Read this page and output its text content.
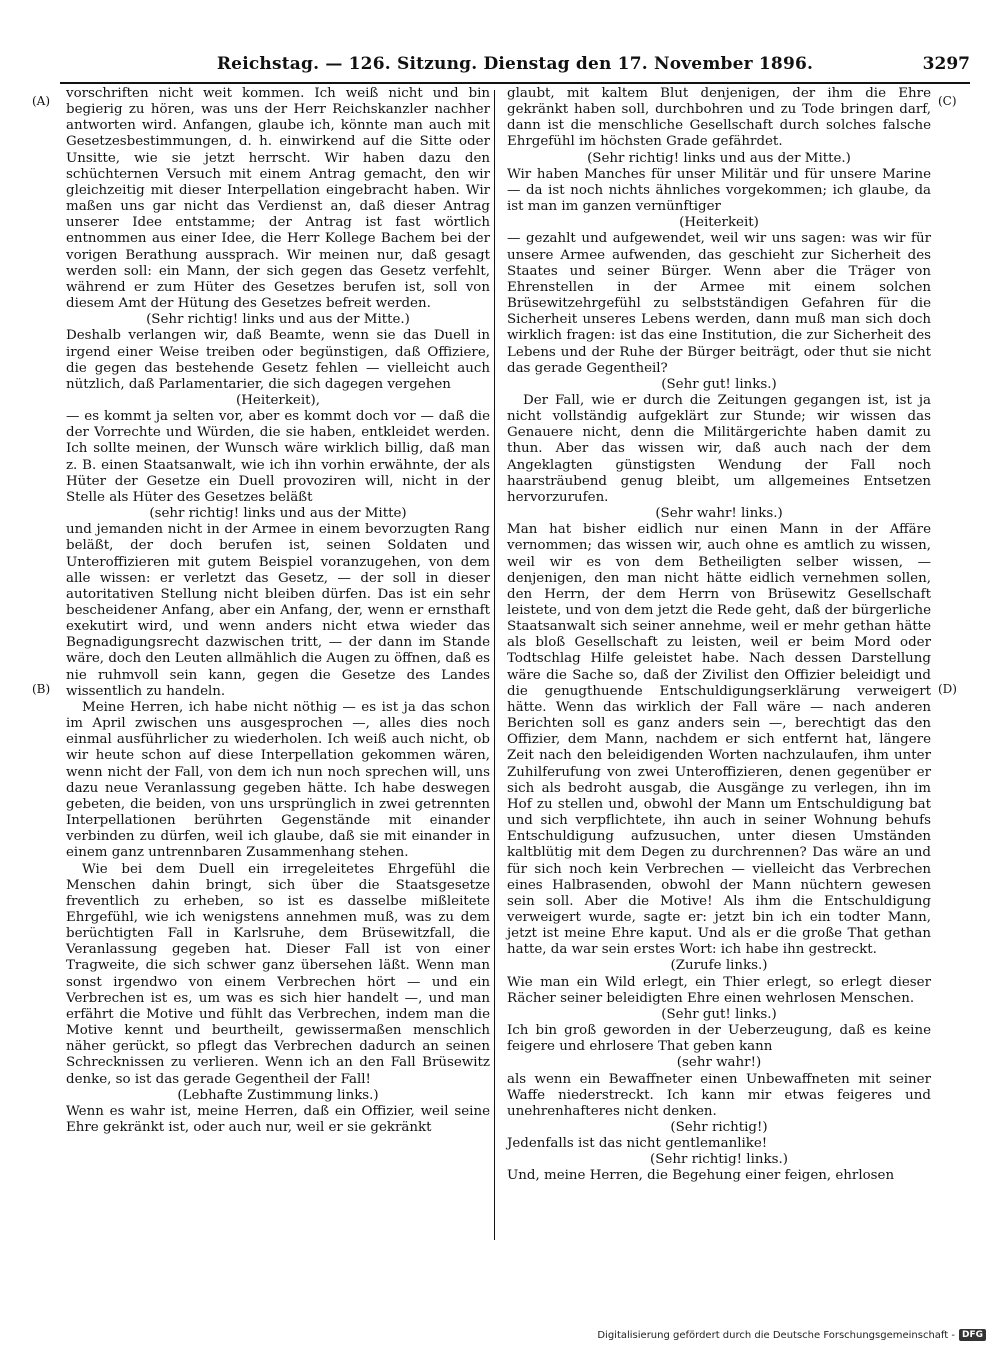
Reichstag. — 126. Sitzung. Dienstag den 17. November 1896.	3297
(A)
(B)
(C)
(D)

vorschriften nicht weit kommen. Ich weiß nicht und bin begierig zu hören, was uns der Herr Reichskanzler nachher antworten wird. Anfangen, glaube ich, könnte man auch mit Gesetzesbestimmungen, d. h. einwirkend auf die Sitte oder Unsitte, wie sie jetzt herrscht. Wir haben dazu den schüchternen Versuch mit einem Antrag gemacht, den wir gleichzeitig mit dieser Interpellation eingebracht haben. Wir maßen uns gar nicht das Verdienst an, daß dieser Antrag unserer Idee entstamme; der Antrag ist fast wörtlich entnommen aus einer Idee, die Herr Kollege Bachem bei der vorigen Berathung aussprach. Wir meinen nur, daß gesagt werden soll: ein Mann, der sich gegen das Gesetz verfehlt, während er zum Hüter des Gesetzes berufen ist, soll von diesem Amt der Hütung des Gesetzes befreit werden.

(Sehr richtig! links und aus der Mitte.)

Deshalb verlangen wir, daß Beamte, wenn sie das Duell in irgend einer Weise treiben oder begünstigen, daß Offiziere, die gegen das bestehende Gesetz fehlen — vielleicht auch nützlich, daß Parlamentarier, die sich dagegen vergehen

(Heiterkeit),

— es kommt ja selten vor, aber es kommt doch vor — daß die der Vorrechte und Würden, die sie haben, entkleidet werden. Ich sollte meinen, der Wunsch wäre wirklich billig, daß man z. B. einen Staatsanwalt, wie ich ihn vorhin erwähnte, der als Hüter der Gesetze ein Duell provoziren will, nicht in der Stelle als Hüter des Gesetzes beläßt

(sehr richtig! links und aus der Mitte)

und jemanden nicht in der Armee in einem bevorzugten Rang beläßt, der doch berufen ist, seinen Soldaten und Unteroffizieren mit gutem Beispiel voranzugehen, von dem alle wissen: er verletzt das Gesetz, — der soll in dieser autoritativen Stellung nicht bleiben dürfen. Das ist ein sehr bescheidener Anfang, aber ein Anfang, der, wenn er ernsthaft exekutirt wird, und wenn anders nicht etwa wieder das Begnadigungsrecht dazwischen tritt, — der dann im Stande wäre, doch den Leuten allmählich die Augen zu öffnen, daß es nie ruhmvoll sein kann, gegen die Gesetze des Landes wissentlich zu handeln.

Meine Herren, ich habe nicht nöthig — es ist ja das schon im April zwischen uns ausgesprochen —, alles dies noch einmal ausführlicher zu wiederholen. Ich weiß auch nicht, ob wir heute schon auf diese Interpellation gekommen wären, wenn nicht der Fall, von dem ich nun noch sprechen will, uns dazu neue Veranlassung gegeben hätte. Ich habe deswegen gebeten, die beiden, von uns ursprünglich in zwei getrennten Interpellationen berührten Gegenstände mit einander verbinden zu dürfen, weil ich glaube, daß sie mit einander in einem ganz untrennbaren Zusammenhang stehen.

Wie bei dem Duell ein irregeleitetes Ehrgefühl die Menschen dahin bringt, sich über die Staatsgesetze freventlich zu erheben, so ist es dasselbe mißleitete Ehrgefühl, wie ich wenigstens annehmen muß, was zu dem berüchtigten Fall in Karlsruhe, dem Brüsewitzfall, die Veranlassung gegeben hat. Dieser Fall ist von einer Tragweite, die sich schwer ganz übersehen läßt. Wenn man sonst irgendwo von einem Verbrechen hört — und ein Verbrechen ist es, um was es sich hier handelt —, und man erfährt die Motive und fühlt das Verbrechen, indem man die Motive kennt und beurtheilt, gewissermaßen menschlich näher gerückt, so pflegt das Verbrechen dadurch an seinen Schrecknissen zu verlieren. Wenn ich an den Fall Brüsewitz denke, so ist das gerade Gegentheil der Fall!

(Lebhafte Zustimmung links.)

Wenn es wahr ist, meine Herren, daß ein Offizier, weil seine Ehre gekränkt ist, oder auch nur, weil er sie gekränkt

glaubt, mit kaltem Blut denjenigen, der ihm die Ehre gekränkt haben soll, durchbohren und zu Tode bringen darf, dann ist die menschliche Gesellschaft durch solches falsche Ehrgefühl im höchsten Grade gefährdet.

(Sehr richtig! links und aus der Mitte.)

Wir haben Manches für unser Militär und für unsere Marine — da ist noch nichts ähnliches vorgekommen; ich glaube, da ist man im ganzen vernünftiger

(Heiterkeit)

— gezahlt und aufgewendet, weil wir uns sagen: was wir für unsere Armee aufwenden, das geschieht zur Sicherheit des Staates und seiner Bürger. Wenn aber die Träger von Ehrenstellen in der Armee mit einem solchen Brüsewitzehrgefühl zu selbstständigen Gefahren für die Sicherheit unseres Lebens werden, dann muß man sich doch wirklich fragen: ist das eine Institution, die zur Sicherheit des Lebens und der Ruhe der Bürger beiträgt, oder thut sie nicht das gerade Gegentheil?

(Sehr gut! links.)

Der Fall, wie er durch die Zeitungen gegangen ist, ist ja nicht vollständig aufgeklärt zur Stunde; wir wissen das Genauere nicht, denn die Militärgerichte haben damit zu thun. Aber das wissen wir, daß auch nach der dem Angeklagten günstigsten Wendung der Fall noch haarsträubend genug bleibt, um allgemeines Entsetzen hervorzurufen.

(Sehr wahr! links.)

Man hat bisher eidlich nur einen Mann in der Affäre vernommen; das wissen wir, auch ohne es amtlich zu wissen, weil wir es von dem Betheiligten selber wissen, — denjenigen, den man nicht hätte eidlich vernehmen sollen, den Herrn, der dem Herrn von Brüsewitz Gesellschaft leistete, und von dem jetzt die Rede geht, daß der bürgerliche Staatsanwalt sich seiner annehme, weil er mehr gethan hätte als bloß Gesellschaft zu leisten, weil er beim Mord oder Todtschlag Hilfe geleistet habe. Nach dessen Darstellung wäre die Sache so, daß der Zivilist den Offizier beleidigt und die genugthuende Entschuldigungserklärung verweigert hätte. Wenn das wirklich der Fall wäre — nach anderen Berichten soll es ganz anders sein —, berechtigt das den Offizier, dem Mann, nachdem er sich entfernt hat, längere Zeit nach den beleidigenden Worten nachzulaufen, ihm unter Zuhilferufung von zwei Unteroffizieren, denen gegenüber er sich als bedroht ausgab, die Ausgänge zu verlegen, ihn im Hof zu stellen und, obwohl der Mann um Entschuldigung bat und sich verpflichtete, ihn auch in seiner Wohnung behufs Entschuldigung aufzusuchen, unter diesen Umständen kaltblütig mit dem Degen zu durchrennen? Das wäre an und für sich noch kein Verbrechen — vielleicht das Verbrechen eines Halbrasenden, obwohl der Mann nüchtern gewesen sein soll. Aber die Motive! Als ihm die Entschuldigung verweigert wurde, sagte er: jetzt bin ich ein todter Mann, jetzt ist meine Ehre kaput. Und als er die große That gethan hatte, da war sein erstes Wort: ich habe ihn gestreckt.

(Zurufe links.)

Wie man ein Wild erlegt, ein Thier erlegt, so erlegt dieser Rächer seiner beleidigten Ehre einen wehrlosen Menschen.

(Sehr gut! links.)

Ich bin groß geworden in der Ueberzeugung, daß es keine feigere und ehrlosere That geben kann

(sehr wahr!)

als wenn ein Bewaffneter einen Unbewaffneten mit seiner Waffe niederstreckt. Ich kann mir etwas feigeres und unehrenhafteres nicht denken.

(Sehr richtig!)

Jedenfalls ist das nicht gentlemanlike!

(Sehr richtig! links.)

Und, meine Herren, die Begehung einer feigen, ehrlosen

Digitalisierung gefördert durch die Deutsche Forschungsgemeinschaft - DFG
